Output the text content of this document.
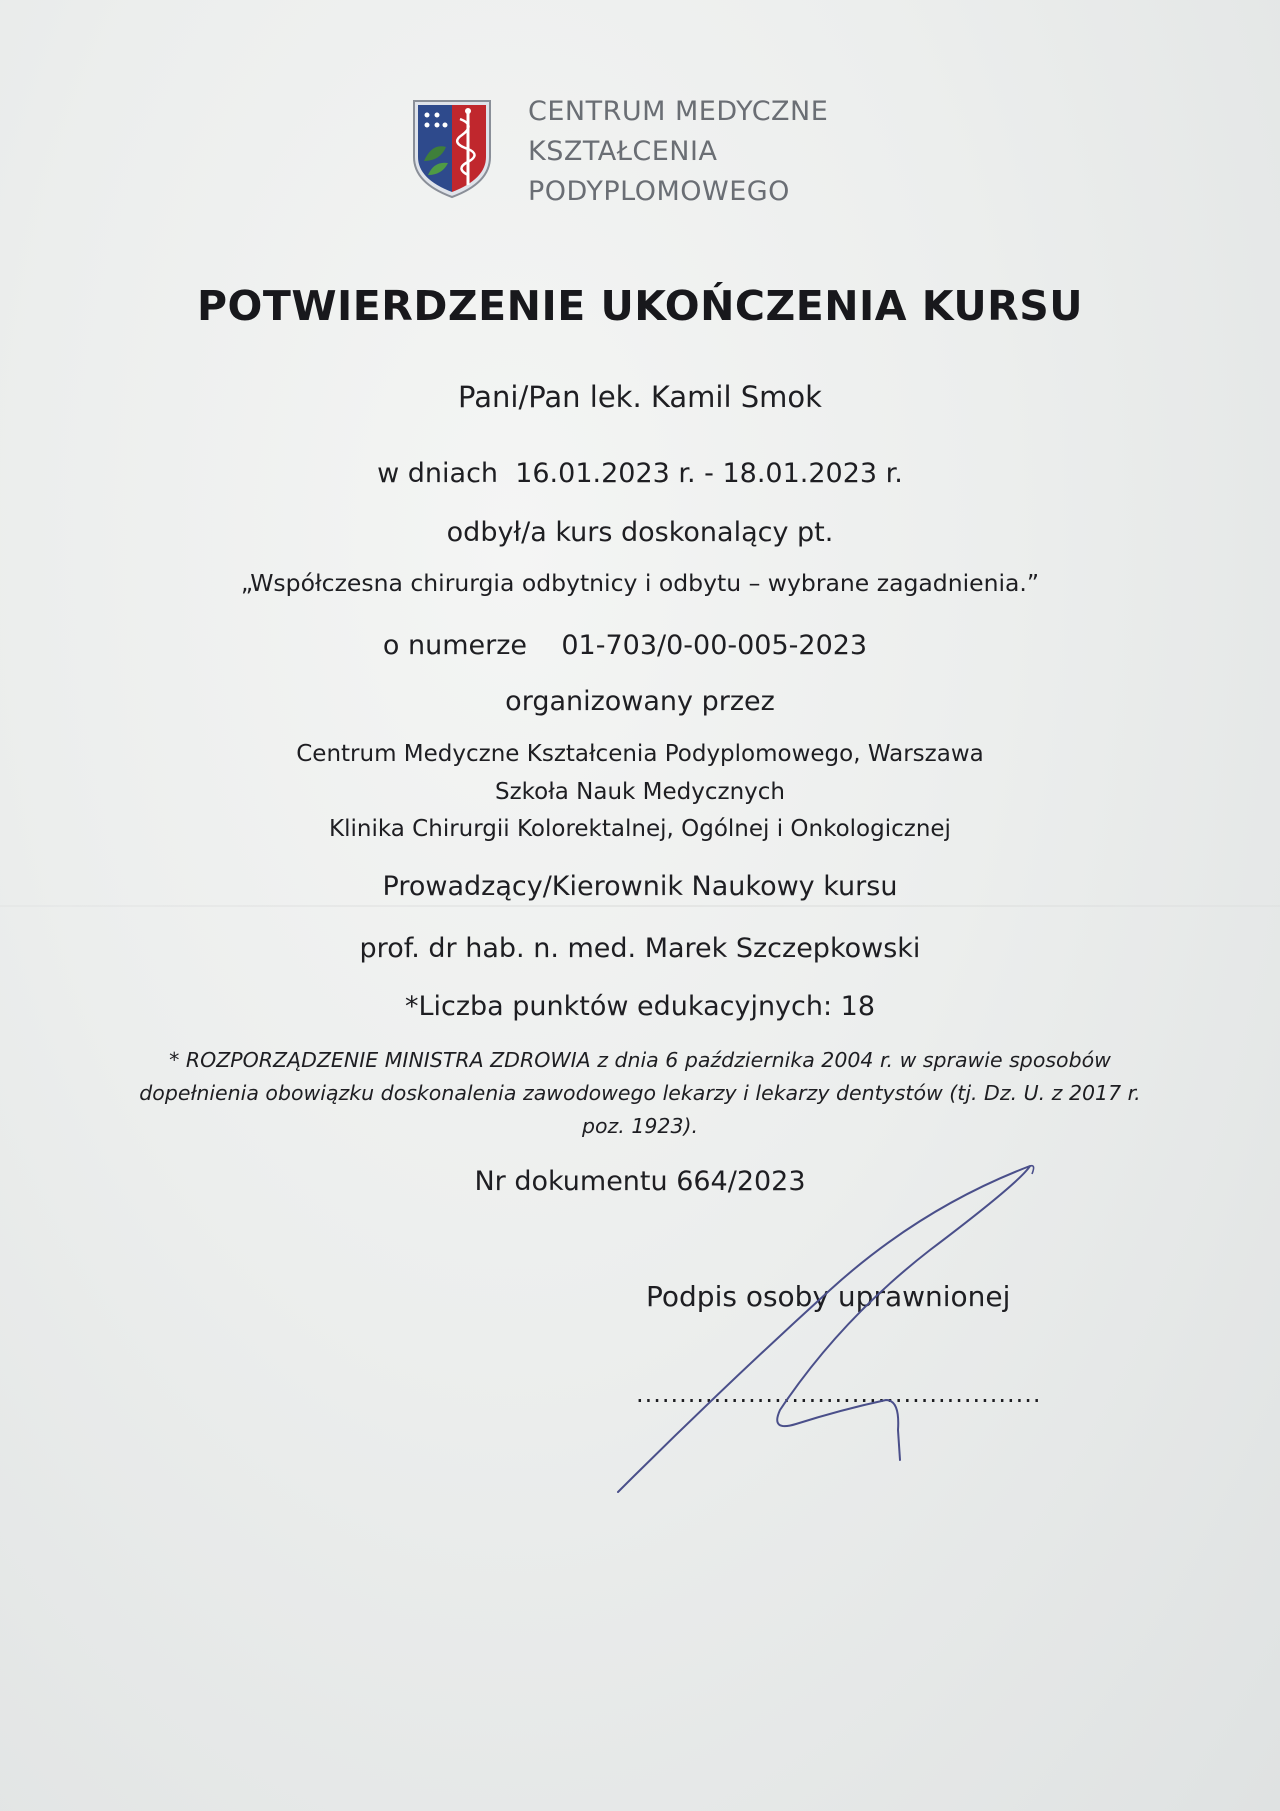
CENTRUM MEDYCZNE
KSZTAŁCENIA
PODYPLOMOWEGO
POTWIERDZENIE UKOŃCZENIA KURSU
Pani/Pan lek. Kamil Smok
w dniach 16.01.2023 r. - 18.01.2023 r.
odbył/a kurs doskonalący pt.
„Współczesna chirurgia odbytnicy i odbytu – wybrane zagadnienia.”
o numerze 01-703/0-00-005-2023
organizowany przez
Centrum Medyczne Kształcenia Podyplomowego, Warszawa
Szkoła Nauk Medycznych
Klinika Chirurgii Kolorektalnej, Ogólnej i Onkologicznej
Prowadzący/Kierownik Naukowy kursu
prof. dr hab. n. med. Marek Szczepkowski
*Liczba punktów edukacyjnych: 18
* ROZPORZĄDZENIE MINISTRA ZDROWIA z dnia 6 października 2004 r. w sprawie sposobów
dopełnienia obowiązku doskonalenia zawodowego lekarzy i lekarzy dentystów (tj. Dz. U. z 2017 r.
poz. 1923).
Nr dokumentu 664/2023
Podpis osoby uprawnionej
...............................................
